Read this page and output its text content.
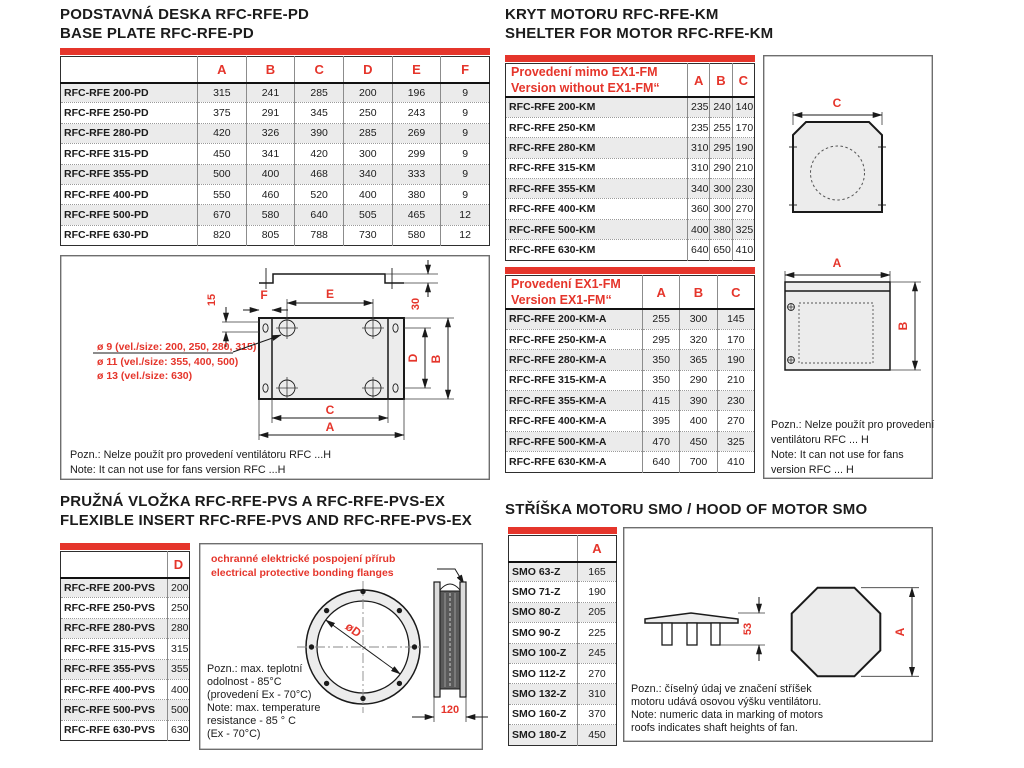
PODSTAVNÁ DESKA RFC-RFE-PD
BASE PLATE RFC-RFE-PD
	A	B	C	D	E	F
RFC-RFE 200-PD	315	241	285	200	196	9
RFC-RFE 250-PD	375	291	345	250	243	9
RFC-RFE 280-PD	420	326	390	285	269	9
RFC-RFE 315-PD	450	341	420	300	299	9
RFC-RFE 355-PD	500	400	468	340	333	9
RFC-RFE 400-PD	550	460	520	400	380	9
RFC-RFE 500-PD	670	580	640	505	465	12
RFC-RFE 630-PD	820	805	788	730	580	12
E
F
15	30
D B
C
A
ø 9 (vel./size: 200, 250, 280, 315)
ø 11 (vel./size: 355, 400, 500)
ø 13 (vel./size: 630)
Pozn.: Nelze použít pro provedení ventilátoru RFC ...H
Note: It can not use for fans version RFC ...H
KRYT MOTORU RFC-RFE-KM
SHELTER FOR MOTOR RFC-RFE-KM
Provedení mimo EX1-FM
Version without EX1-FM“	A	B	C
RFC-RFE 200-KM	235	240	140
RFC-RFE 250-KM	235	255	170
RFC-RFE 280-KM	310	295	190
RFC-RFE 315-KM	310	290	210
RFC-RFE 355-KM	340	300	230
RFC-RFE 400-KM	360	300	270
RFC-RFE 500-KM	400	380	325
RFC-RFE 630-KM	640	650	410
Provedení EX1-FM
Version EX1-FM“	A	B	C
RFC-RFE 200-KM-A	255	300	145
RFC-RFE 250-KM-A	295	320	170
RFC-RFE 280-KM-A	350	365	190
RFC-RFE 315-KM-A	350	290	210
RFC-RFE 355-KM-A	415	390	230
RFC-RFE 400-KM-A	395	400	270
RFC-RFE 500-KM-A	470	450	325
RFC-RFE 630-KM-A	640	700	410
C
A
B
Pozn.: Nelze použít pro provedení
ventilátoru RFC ... H
Note: It can not use for fans
version RFC ... H
PRUŽNÁ VLOŽKA RFC-RFE-PVS A RFC-RFE-PVS-EX
FLEXIBLE INSERT RFC-RFE-PVS AND RFC-RFE-PVS-EX
	D
RFC-RFE 200-PVS	200
RFC-RFE 250-PVS	250
RFC-RFE 280-PVS	280
RFC-RFE 315-PVS	315
RFC-RFE 355-PVS	355
RFC-RFE 400-PVS	400
RFC-RFE 500-PVS	500
RFC-RFE 630-PVS	630
ochranné elektrické pospojení přírub
electrical protective bonding flanges
øD
120
Pozn.: max. teplotní
odolnost - 85°C
(provedení Ex - 70°C)
Note: max. temperature
resistance - 85 ° C
(Ex - 70°C)
STŘÍŠKA MOTORU SMO / HOOD OF MOTOR SMO
	A
SMO 63-Z	165
SMO 71-Z	190
SMO 80-Z	205
SMO 90-Z	225
SMO 100-Z	245
SMO 112-Z	270
SMO 132-Z	310
SMO 160-Z	370
SMO 180-Z	450
53	A
Pozn.: číselný údaj ve značení stříšek
motoru udává osovou výšku ventilátoru.
Note: numeric data in marking of motors
roofs indicates shaft heights of fan.
